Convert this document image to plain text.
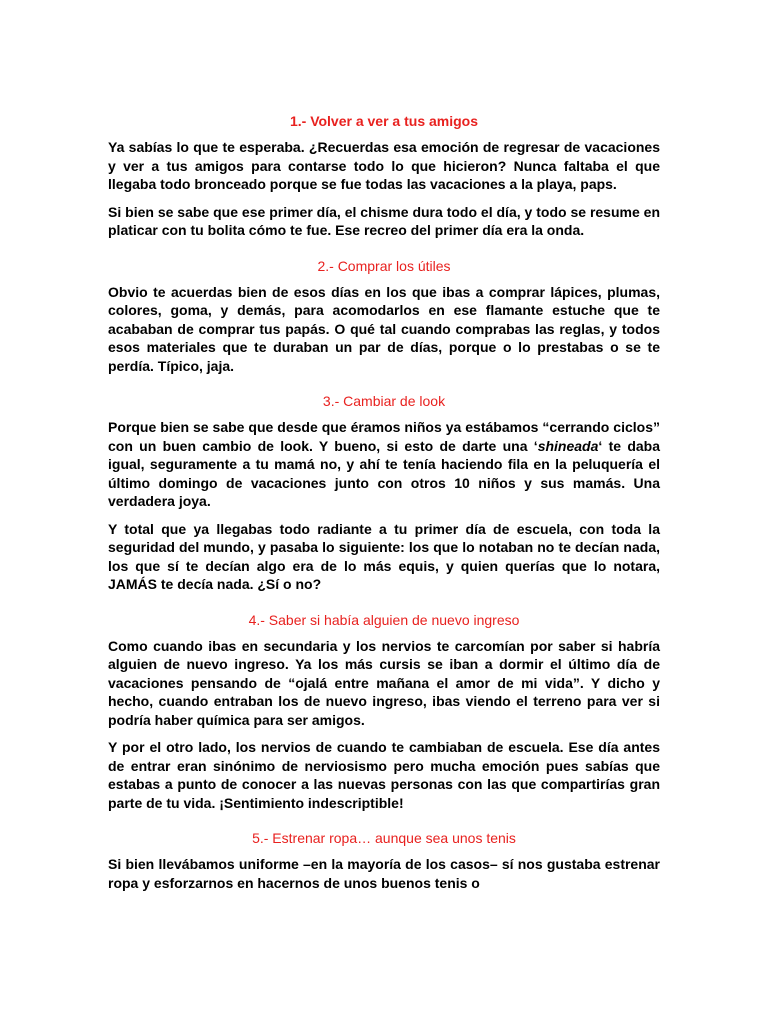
1.- Volver a ver a tus amigos

Ya sabías lo que te esperaba. ¿Recuerdas esa emoción de regresar de vacaciones y ver a tus amigos para contarse todo lo que hicieron? Nunca faltaba el que llegaba todo bronceado porque se fue todas las vacaciones a la playa, paps.

Si bien se sabe que ese primer día, el chisme dura todo el día, y todo se resume en platicar con tu bolita cómo te fue. Ese recreo del primer día era la onda.

2.- Comprar los útiles

Obvio te acuerdas bien de esos días en los que ibas a comprar lápices, plumas, colores, goma, y demás, para acomodarlos en ese flamante estuche que te acababan de comprar tus papás. O qué tal cuando comprabas las reglas, y todos esos materiales que te duraban un par de días, porque o lo prestabas o se te perdía. Típico, jaja.

3.- Cambiar de look

Porque bien se sabe que desde que éramos niños ya estábamos “cerrando ciclos” con un buen cambio de look. Y bueno, si esto de darte una ‘shineada‘ te daba igual, seguramente a tu mamá no, y ahí te tenía haciendo fila en la peluquería el último domingo de vacaciones junto con otros 10 niños y sus mamás. Una verdadera joya.

Y total que ya llegabas todo radiante a tu primer día de escuela, con toda la seguridad del mundo, y pasaba lo siguiente: los que lo notaban no te decían nada, los que sí te decían algo era de lo más equis, y quien querías que lo notara, JAMÁS te decía nada. ¿Sí o no?

4.- Saber si había alguien de nuevo ingreso

Como cuando ibas en secundaria y los nervios te carcomían por saber si habría alguien de nuevo ingreso. Ya los más cursis se iban a dormir el último día de vacaciones pensando de “ojalá entre mañana el amor de mi vida”. Y dicho y hecho, cuando entraban los de nuevo ingreso, ibas viendo el terreno para ver si podría haber química para ser amigos.

Y por el otro lado, los nervios de cuando te cambiaban de escuela. Ese día antes de entrar eran sinónimo de nerviosismo pero mucha emoción pues sabías que estabas a punto de conocer a las nuevas personas con las que compartirías gran parte de tu vida. ¡Sentimiento indescriptible!

5.- Estrenar ropa… aunque sea unos tenis

Si bien llevábamos uniforme –en la mayoría de los casos– sí nos gustaba estrenar ropa y esforzarnos en hacernos de unos buenos tenis o
